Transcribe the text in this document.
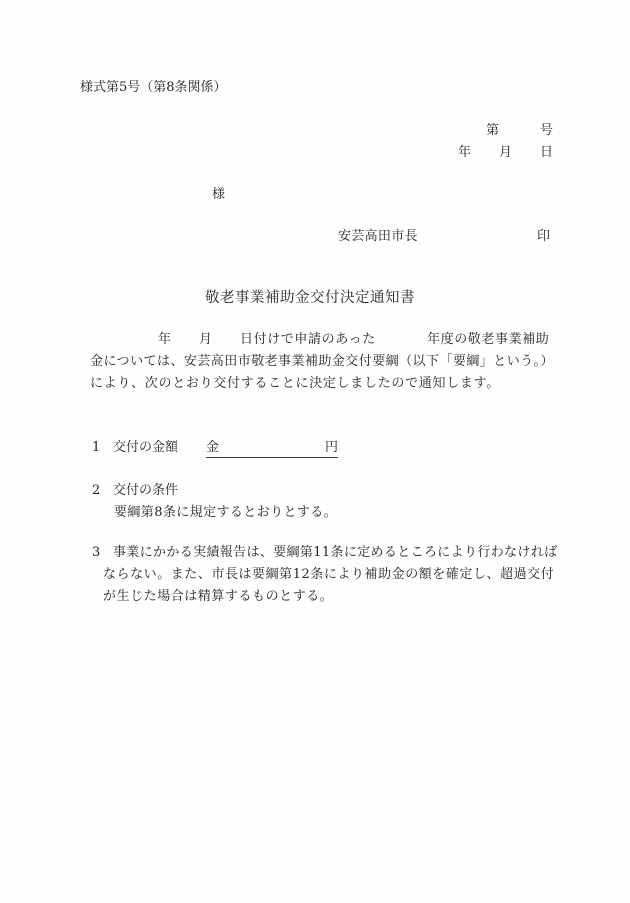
様式第5号（第8条関係）
第	号
年 月 日
様
安芸高田市長	印
敬老事業補助金交付決定通知書
年 月 日付けで申請のあった	年度の敬老事業補助
金については、安芸高田市敬老事業補助金交付要綱（以下「要綱」という。）
により、次のとおり交付することに決定しましたので通知します。
1 交付の金額 金	円
2 交付の条件
要綱第8条に規定するとおりとする。
3 事業にかかる実績報告は、要綱第11条に定めるところにより行わなければ
ならない。また、市長は要綱第12条により補助金の額を確定し、超過交付
が生じた場合は精算するものとする。
